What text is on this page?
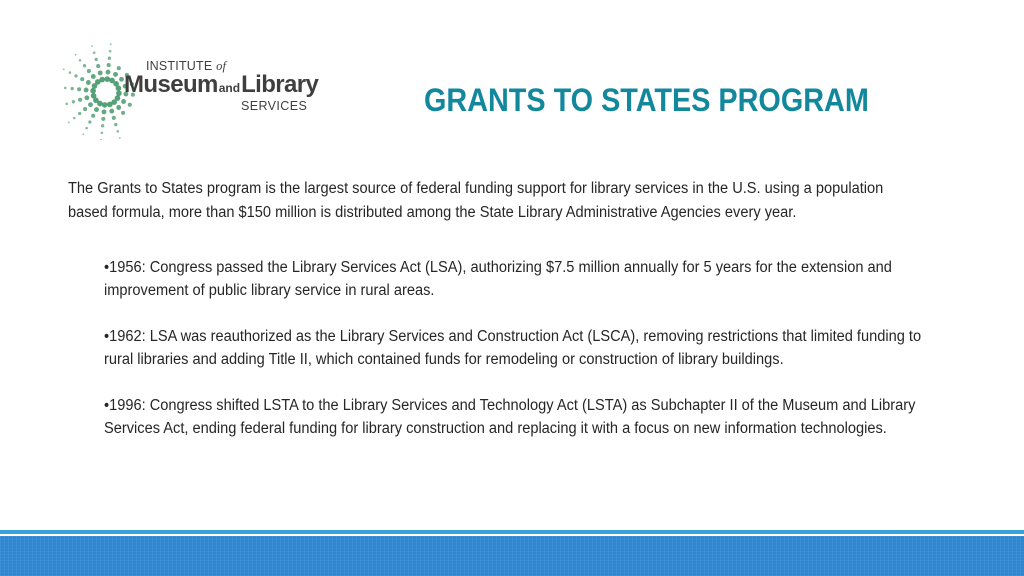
INSTITUTE of
MuseumandLibrary
SERVICES	GRANTS TO STATES PROGRAM
The Grants to States program is the largest source of federal funding support for library services in the U.S. using a population based formula, more than $150 million is distributed among the State Library Administrative Agencies every year.
•1956: Congress passed the Library Services Act (LSA), authorizing $7.5 million annually for 5 years for the extension and improvement of public library service in rural areas.
•1962: LSA was reauthorized as the Library Services and Construction Act (LSCA), removing restrictions that limited funding to rural libraries and adding Title II, which contained funds for remodeling or construction of library buildings.
•1996: Congress shifted LSTA to the Library Services and Technology Act (LSTA) as Subchapter II of the Museum and Library Services Act, ending federal funding for library construction and replacing it with a focus on new information technologies.
